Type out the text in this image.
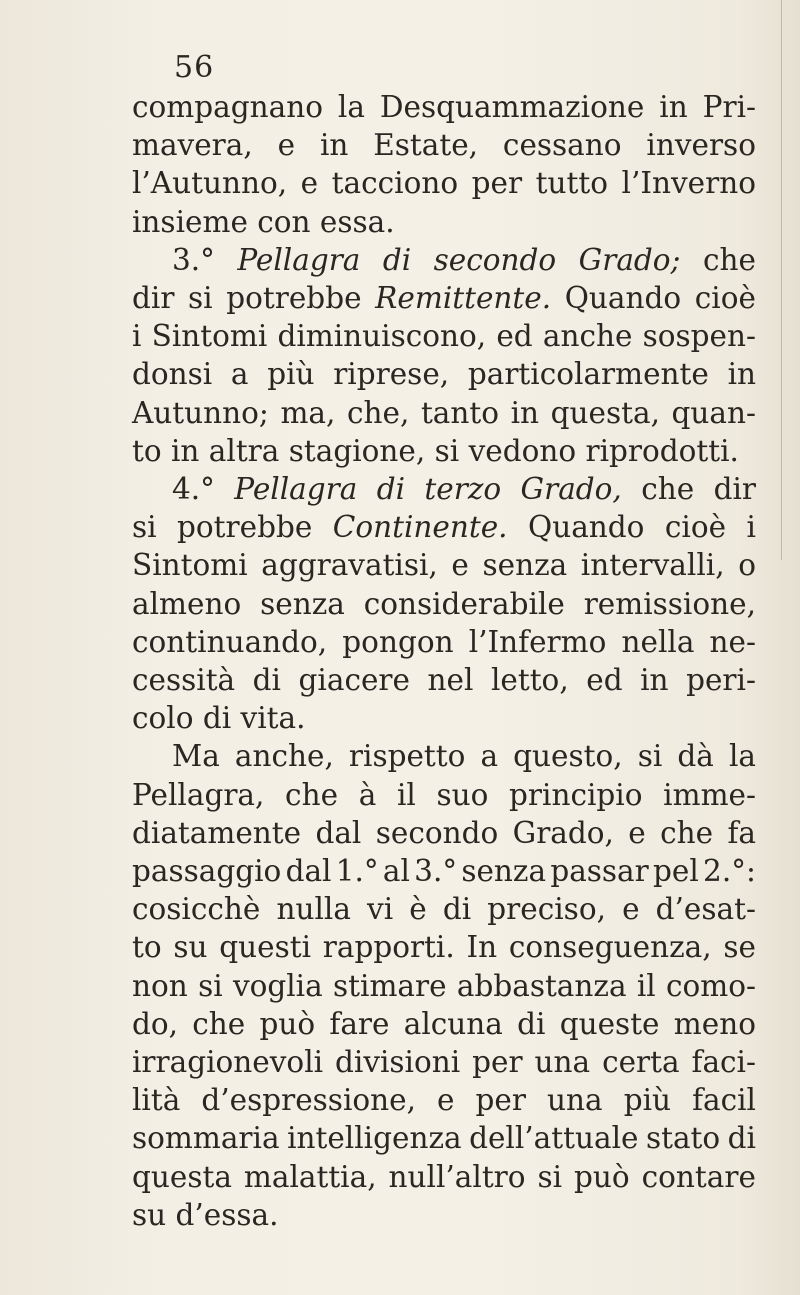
56
compagnano la Desquammazione in Pri-
mavera, e in Estate, cessano inverso
l’Autunno, e tacciono per tutto l’Inverno
insieme con essa.
3.° Pellagra di secondo Grado; che
dir si potrebbe Remittente. Quando cioè
i Sintomi diminuiscono, ed anche sospen-
donsi a più riprese, particolarmente in
Autunno; ma, che, tanto in questa, quan-
to in altra stagione, si vedono riprodotti.
4.° Pellagra di terzo Grado, che dir
si potrebbe Continente. Quando cioè i
Sintomi aggravatisi, e senza intervalli, o
almeno senza considerabile remissione,
continuando, pongon l’Infermo nella ne-
cessità di giacere nel letto, ed in peri-
colo di vita.
Ma anche, rispetto a questo, si dà la
Pellagra, che à il suo principio imme-
diatamente dal secondo Grado, e che fa
passaggio dal 1.° al 3.° senza passar pel 2.°:
cosicchè nulla vi è di preciso, e d’esat-
to su questi rapporti. In conseguenza, se
non si voglia stimare abbastanza il como-
do, che può fare alcuna di queste meno
irragionevoli divisioni per una certa faci-
lità d’espressione, e per una più facil
sommaria intelligenza dell’attuale stato di
questa malattia, null’altro si può contare
su d’essa.
